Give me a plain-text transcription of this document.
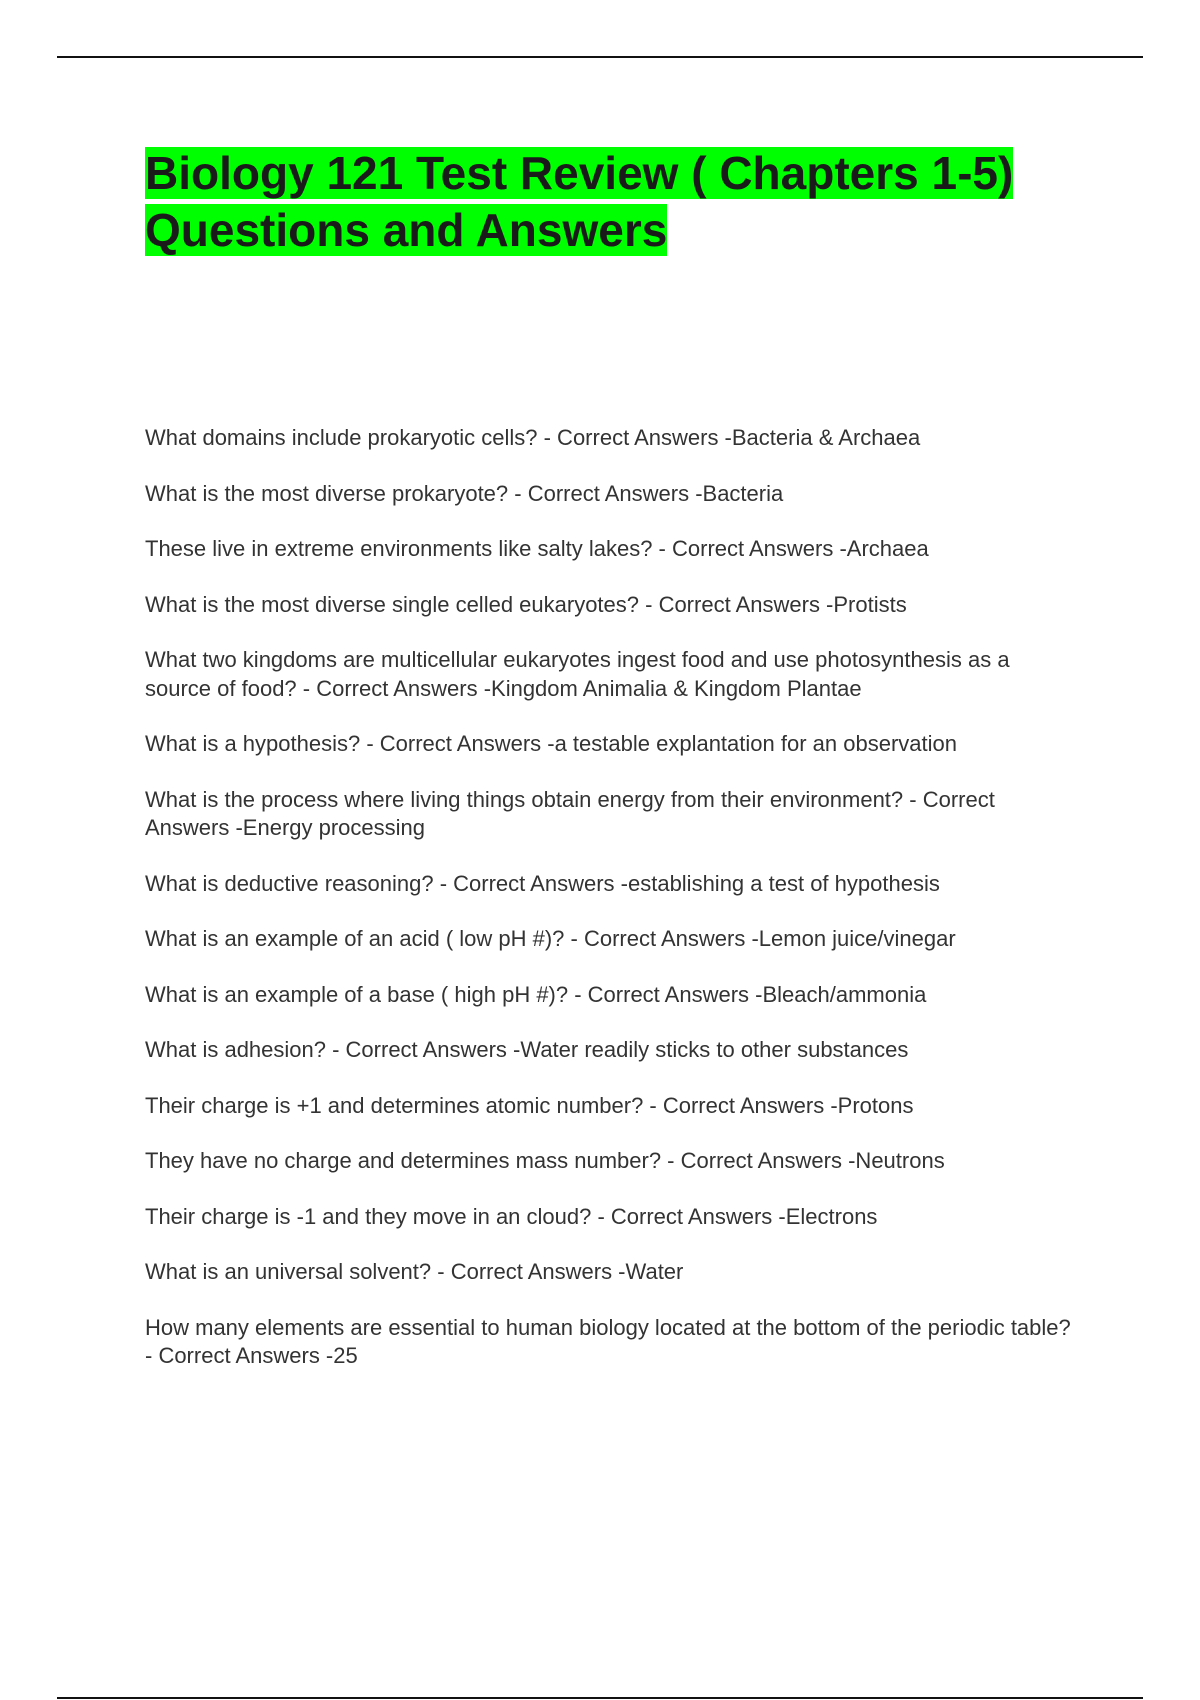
Biology 121 Test Review ( Chapters 1-5) Questions and Answers
What domains include prokaryotic cells? - Correct Answers -Bacteria & Archaea
What is the most diverse prokaryote? - Correct Answers -Bacteria
These live in extreme environments like salty lakes? - Correct Answers -Archaea
What is the most diverse single celled eukaryotes? - Correct Answers -Protists
What two kingdoms are multicellular eukaryotes ingest food and use photosynthesis as a source of food? - Correct Answers -Kingdom Animalia & Kingdom Plantae
What is a hypothesis? - Correct Answers -a testable explantation for an observation
What is the process where living things obtain energy from their environment? - Correct Answers -Energy processing
What is deductive reasoning? - Correct Answers -establishing a test of hypothesis
What is an example of an acid ( low pH #)? - Correct Answers -Lemon juice/vinegar
What is an example of a base ( high pH #)? - Correct Answers -Bleach/ammonia
What is adhesion? - Correct Answers -Water readily sticks to other substances
Their charge is +1 and determines atomic number? - Correct Answers -Protons
They have no charge and determines mass number? - Correct Answers -Neutrons
Their charge is -1 and they move in an cloud? - Correct Answers -Electrons
What is an universal solvent? - Correct Answers -Water
How many elements are essential to human biology located at the bottom of the periodic table? - Correct Answers -25
